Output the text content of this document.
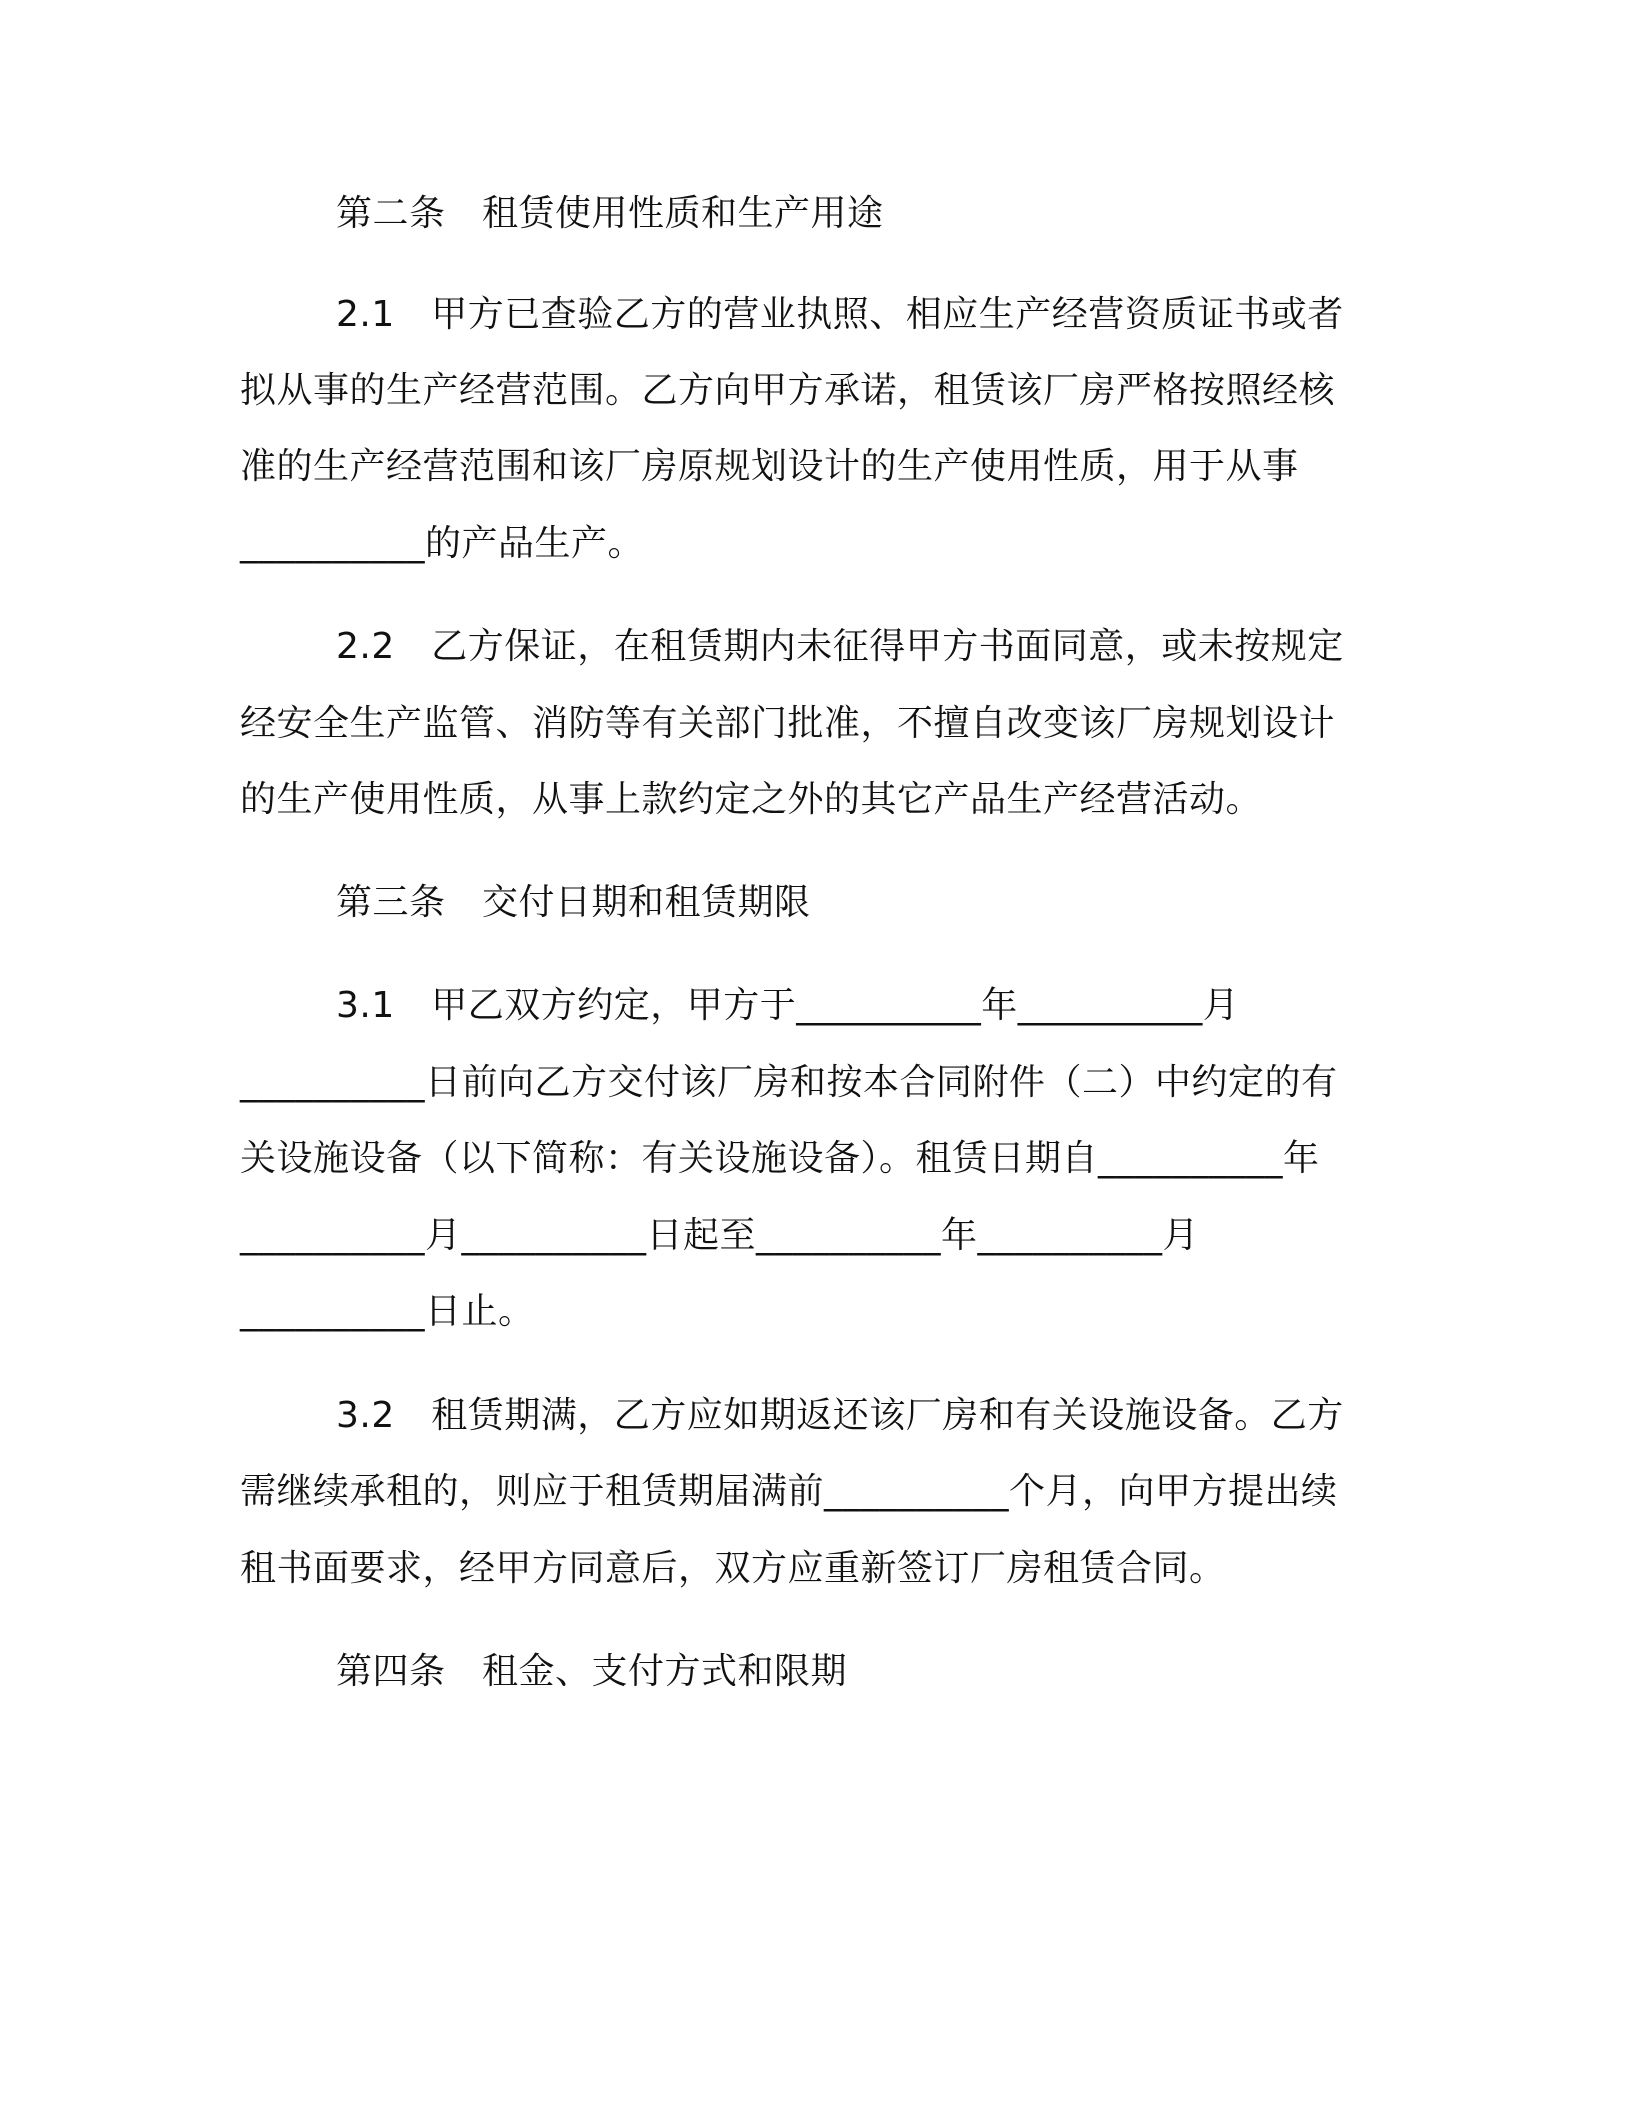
第二条　租赁使用性质和生产用途
2.1　甲方已查验乙方的营业执照、相应生产经营资质证书或者
拟从事的生产经营范围。乙方向甲方承诺，租赁该厂房严格按照经核
准的生产经营范围和该厂房原规划设计的生产使用性质，用于从事
__________的产品生产。
2.2　乙方保证，在租赁期内未征得甲方书面同意，或未按规定
经安全生产监管、消防等有关部门批准，不擅自改变该厂房规划设计
的生产使用性质，从事上款约定之外的其它产品生产经营活动。
第三条　交付日期和租赁期限
3.1　甲乙双方约定，甲方于__________年__________月
__________日前向乙方交付该厂房和按本合同附件（二）中约定的有
关设施设备（以下简称：有关设施设备）。租赁日期自__________年
__________月__________日起至__________年__________月
__________日止。
3.2　租赁期满，乙方应如期返还该厂房和有关设施设备。乙方
需继续承租的，则应于租赁期届满前__________个月，向甲方提出续
租书面要求，经甲方同意后，双方应重新签订厂房租赁合同。
第四条　租金、支付方式和限期
